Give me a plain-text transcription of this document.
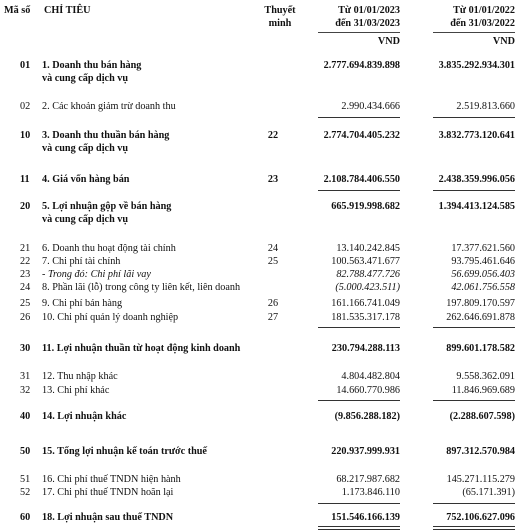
Mã số CHỈ TIÊU	Thuyết
minh
Từ 01/01/2023
đến 31/03/2023
VND
Từ 01/01/2022
đến 31/03/2022
VND
01 1. Doanh thu bán hàng
và cung cấp dịch vụ
2.777.694.839.898	3.835.292.934.301
02 2. Các khoản giảm trừ doanh thu	2.990.434.666	2.519.813.660
10 3. Doanh thu thuần bán hàng
và cung cấp dịch vụ
22	2.774.704.405.232	3.832.773.120.641
11 4. Giá vốn hàng bán	23	2.108.784.406.550	2.438.359.996.056
20 5. Lợi nhuận gộp về bán hàng
và cung cấp dịch vụ
665.919.998.682	1.394.413.124.585
21 6. Doanh thu hoạt động tài chính	24	13.140.242.845	17.377.621.560
22 7. Chi phí tài chính	25	100.563.471.677	93.795.461.646
23 - Trong đó: Chi phí lãi vay	82.788.477.726	56.699.056.403
24 8. Phần lãi (lỗ) trong công ty liên kết, liên doanh	(5.000.423.511)	42.061.756.558
25 9. Chi phí bán hàng	26	161.166.741.049	197.809.170.597
26 10. Chi phí quản lý doanh nghiệp	27	181.535.317.178	262.646.691.878
30 11. Lợi nhuận thuần từ hoạt động kinh doanh	230.794.288.113	899.601.178.582
31 12. Thu nhập khác	4.804.482.804	9.558.362.091
32 13. Chi phí khác	14.660.770.986	11.846.969.689
40 14. Lợi nhuận khác	(9.856.288.182)	(2.288.607.598)
50 15. Tổng lợi nhuận kế toán trước thuế	220.937.999.931	897.312.570.984
51 16. Chi phí thuế TNDN hiện hành	68.217.987.682	145.271.115.279
52 17. Chi phí thuế TNDN hoãn lại	1.173.846.110	(65.171.391)
60 18. Lợi nhuận sau thuế TNDN	151.546.166.139	752.106.627.096
